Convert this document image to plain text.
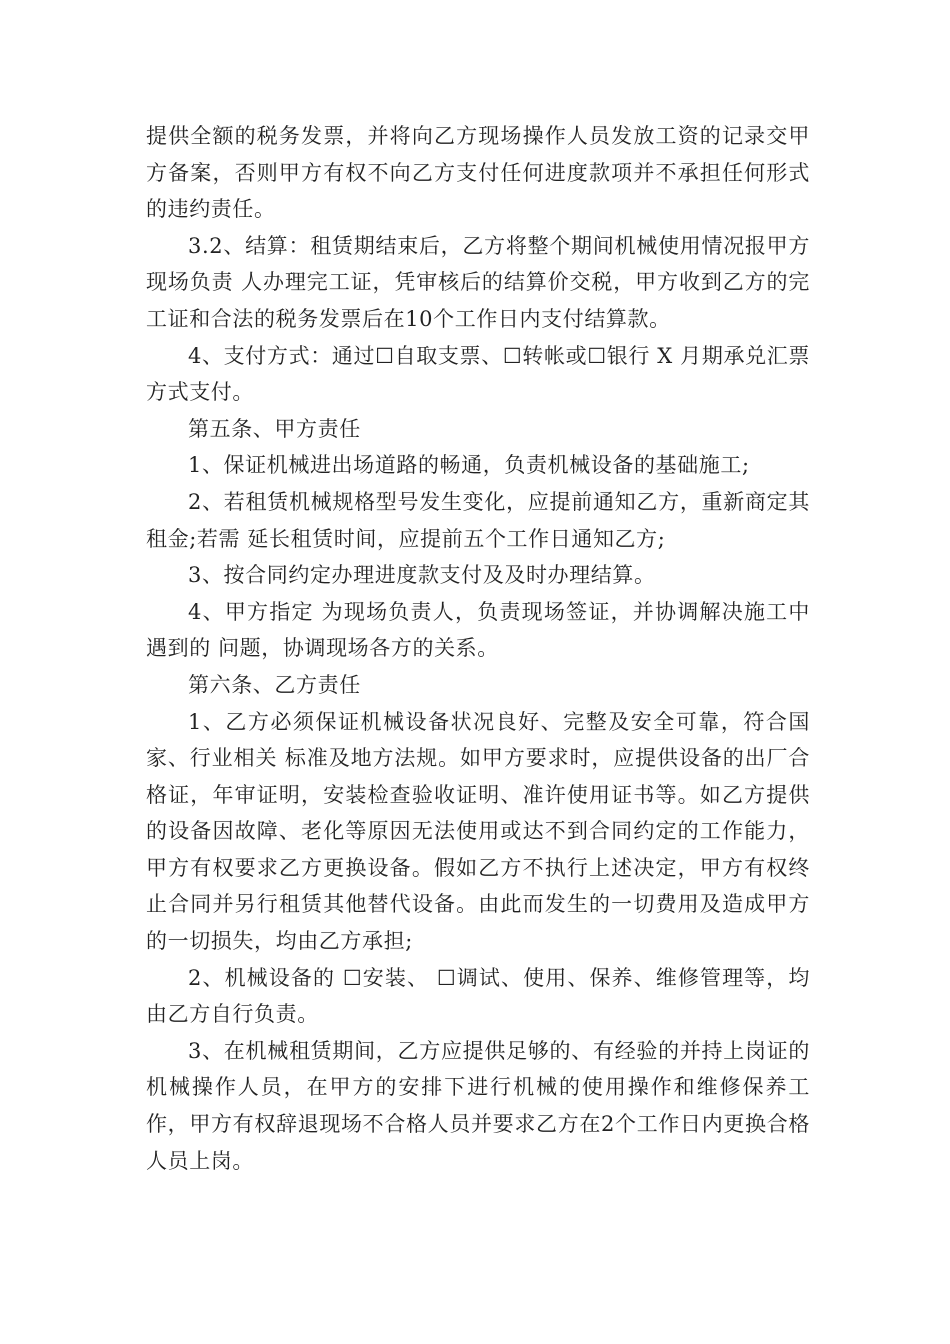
提供全额的税务发票，并将向乙方现场操作人员发放工资的记录交甲方备案，否则甲方有权不向乙方支付任何进度款项并不承担任何形式的违约责任。

3.2、结算：租赁期结束后，乙方将整个期间机械使用情况报甲方现场负责 人办理完工证，凭审核后的结算价交税，甲方收到乙方的完工证和合法的税务发票后在10个工作日内支付结算款。

4、支付方式：通过☐自取支票、☐转帐或☐银行 X 月期承兑汇票方式支付。

第五条、甲方责任

1、保证机械进出场道路的畅通，负责机械设备的基础施工;

2、若租赁机械规格型号发生变化，应提前通知乙方，重新商定其租金;若需 延长租赁时间，应提前五个工作日通知乙方;

3、按合同约定办理进度款支付及及时办理结算。

4、甲方指定 为现场负责人，负责现场签证，并协调解决施工中遇到的 问题，协调现场各方的关系。

第六条、乙方责任

1、乙方必须保证机械设备状况良好、完整及安全可靠，符合国家、行业相关 标准及地方法规。如甲方要求时，应提供设备的出厂合格证，年审证明，安装检查验收证明、准许使用证书等。如乙方提供的设备因故障、老化等原因无法使用或达不到合同约定的工作能力，甲方有权要求乙方更换设备。假如乙方不执行上述决定，甲方有权终止合同并另行租赁其他替代设备。由此而发生的一切费用及造成甲方的一切损失，均由乙方承担;

2、机械设备的 ☐安装、 ☐调试、使用、保养、维修管理等，均由乙方自行负责。

3、在机械租赁期间，乙方应提供足够的、有经验的并持上岗证的机械操作人员，在甲方的安排下进行机械的使用操作和维修保养工作，甲方有权辞退现场不合格人员并要求乙方在2个工作日内更换合格人员上岗。
